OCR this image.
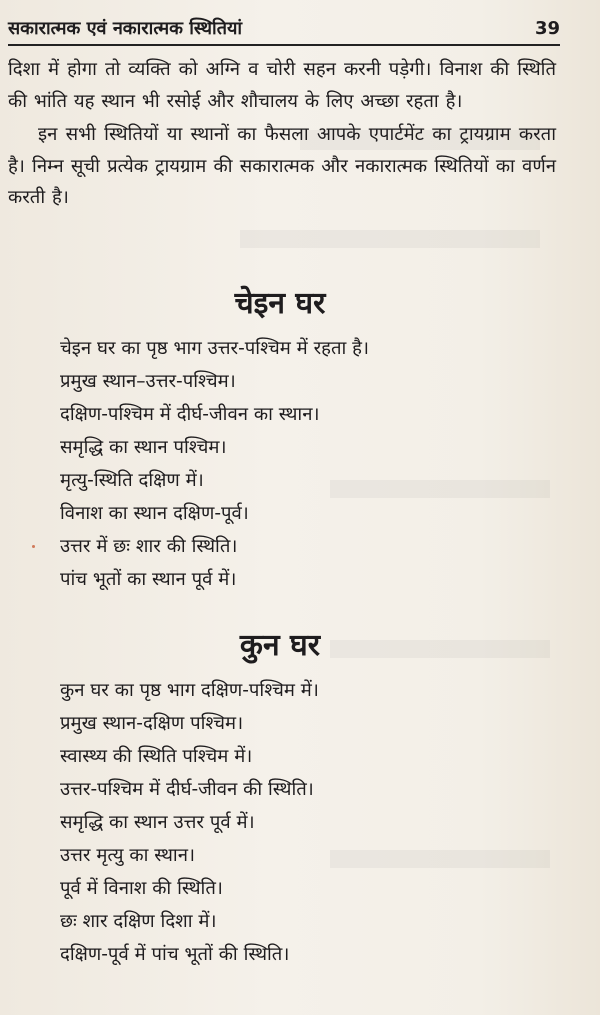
सकारात्मक एवं नकारात्मक स्थितियां	39

दिशा में होगा तो व्यक्ति को अग्नि व चोरी सहन करनी पड़ेगी। विनाश की स्थिति की भांति यह स्थान भी रसोई और शौचालय के लिए अच्छा रहता है।

इन सभी स्थितियों या स्थानों का फैसला आपके एपार्टमेंट का ट्रायग्राम करता है। निम्न सूची प्रत्येक ट्रायग्राम की सकारात्मक और नकारात्मक स्थितियों का वर्णन करती है।

चेइन घर
चेइन घर का पृष्ठ भाग उत्तर-पश्चिम में रहता है।
प्रमुख स्थान–उत्तर-पश्चिम।
दक्षिण-पश्चिम में दीर्घ-जीवन का स्थान।
समृद्धि का स्थान पश्चिम।
मृत्यु-स्थिति दक्षिण में।
विनाश का स्थान दक्षिण-पूर्व।
उत्तर में छः शार की स्थिति।
पांच भूतों का स्थान पूर्व में।
कुन घर
कुन घर का पृष्ठ भाग दक्षिण-पश्चिम में।
प्रमुख स्थान-दक्षिण पश्चिम।
स्वास्थ्य की स्थिति पश्चिम में।
उत्तर-पश्चिम में दीर्घ-जीवन की स्थिति।
समृद्धि का स्थान उत्तर पूर्व में।
उत्तर मृत्यु का स्थान।
पूर्व में विनाश की स्थिति।
छः शार दक्षिण दिशा में।
दक्षिण-पूर्व में पांच भूतों की स्थिति।
